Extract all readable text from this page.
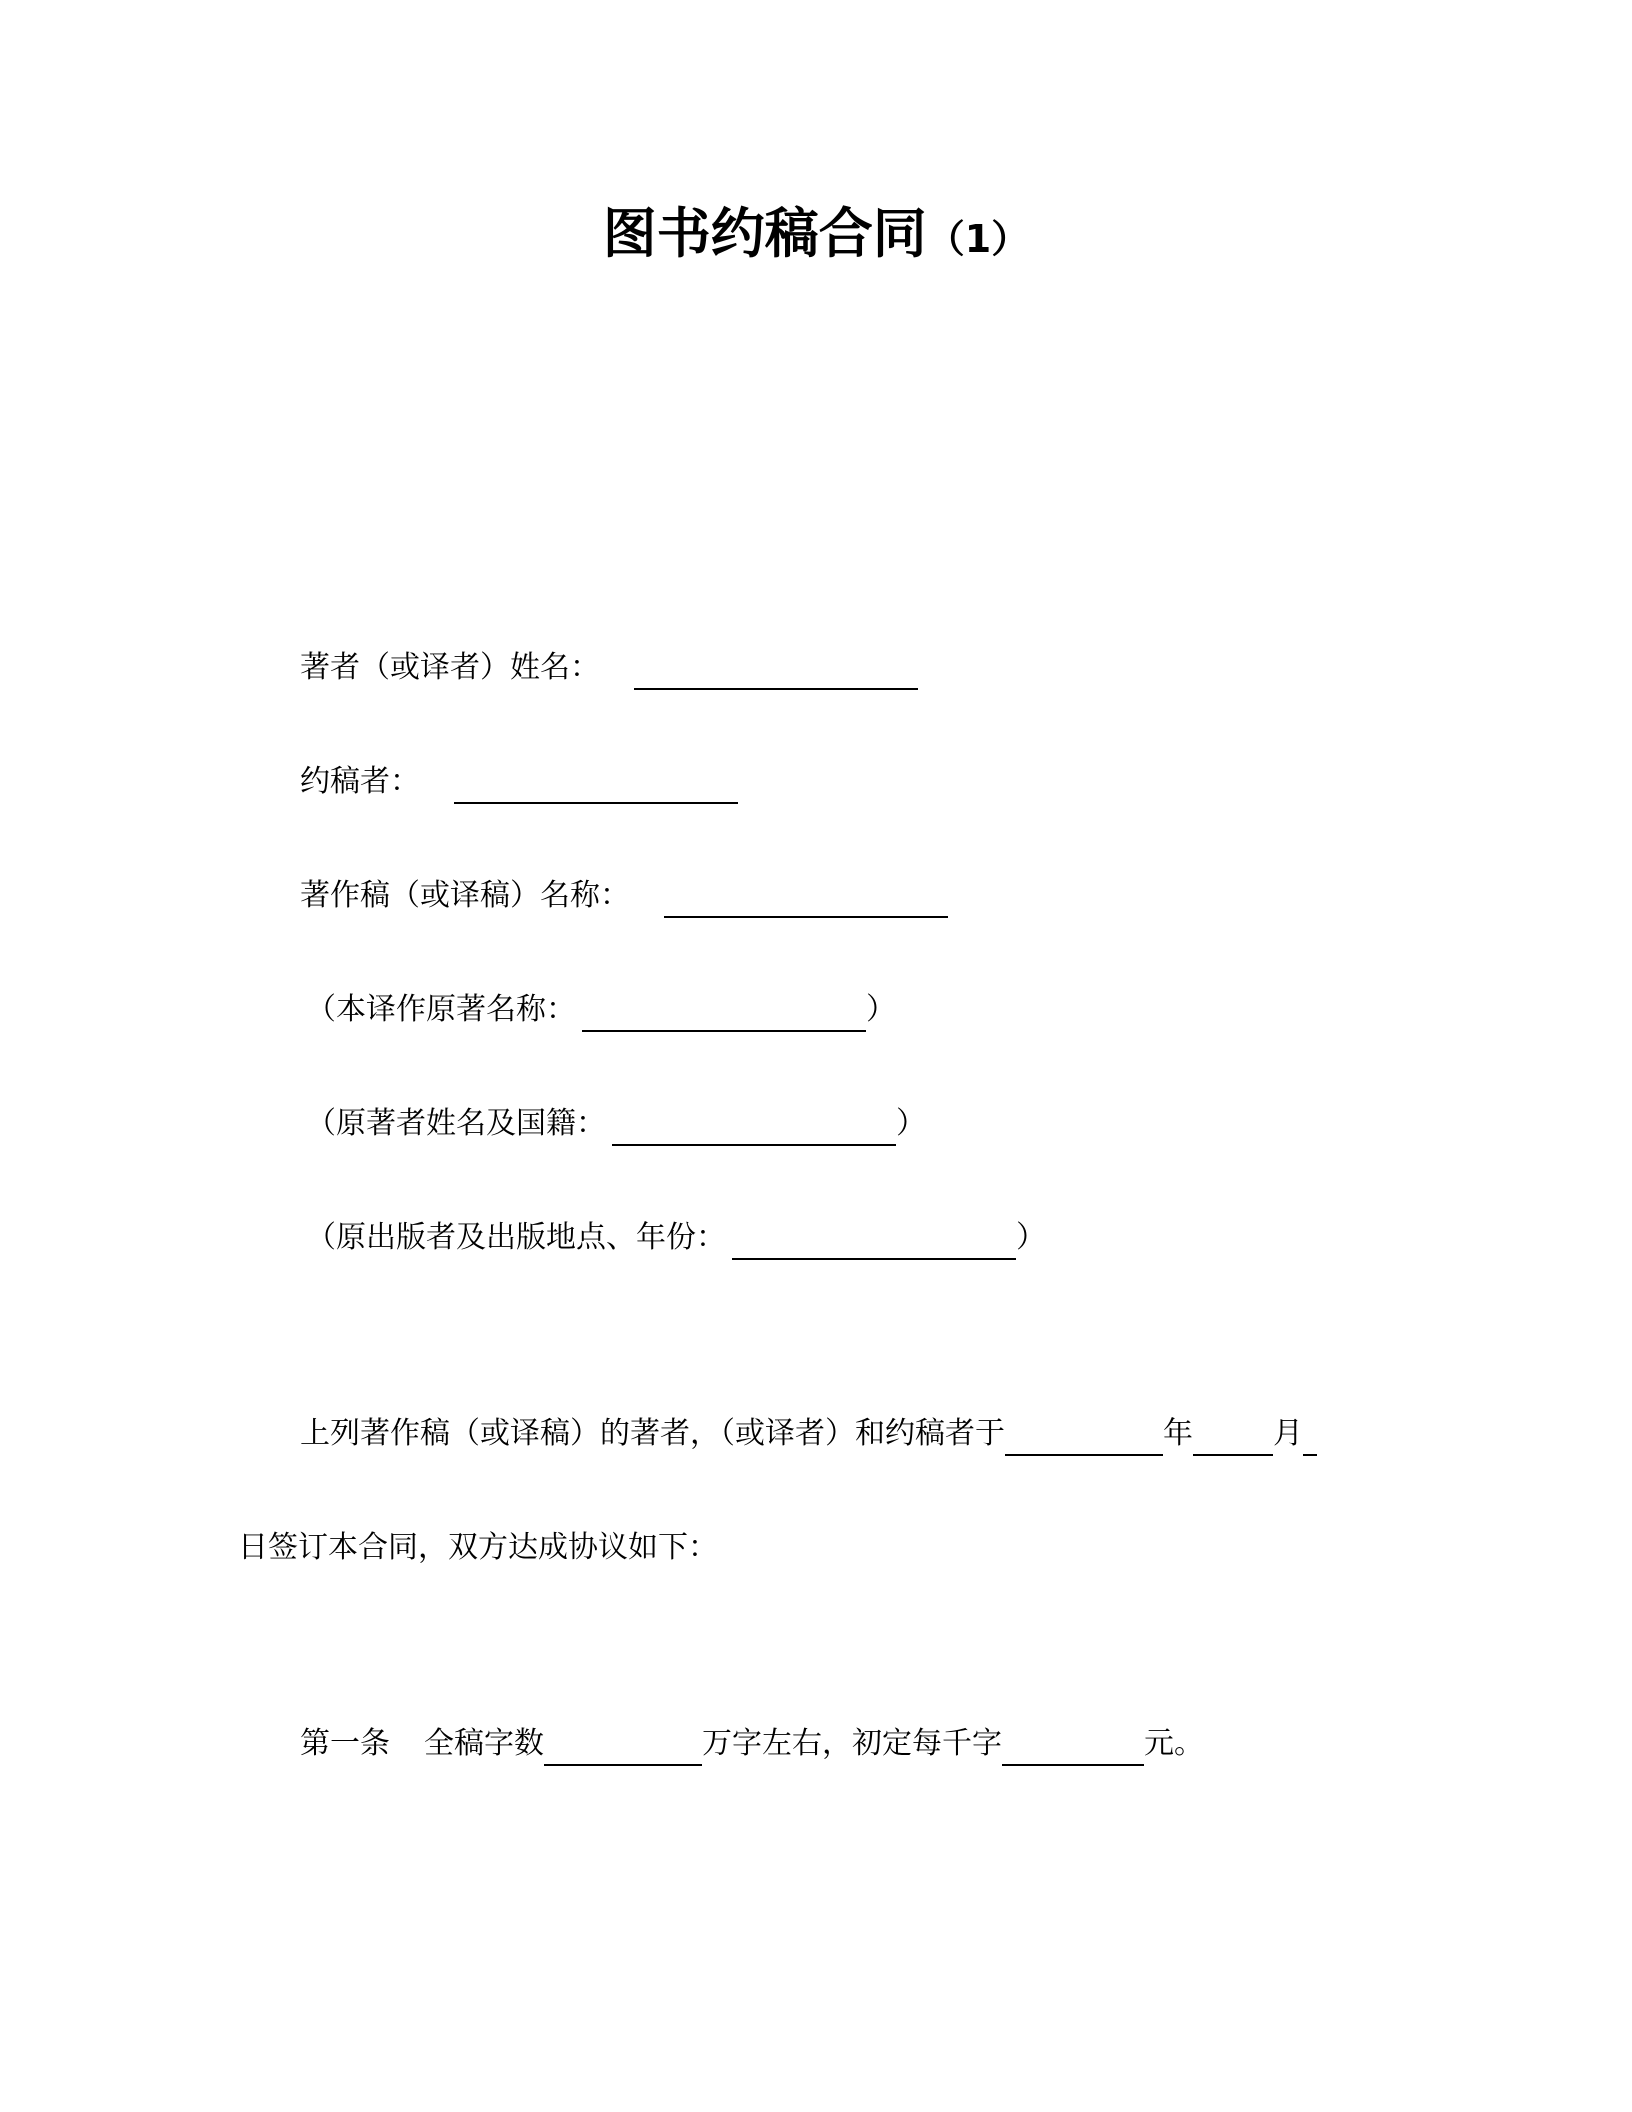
图书约稿合同（1）
著者（或译者）姓名：
约稿者：
著作稿（或译稿）名称：
（本译作原著名称：	）
（原著者姓名及国籍：	）
（原出版者及出版地点、年份：	）
上列著作稿（或译稿）的著者，（或译者）和约稿者于	年	月
日签订本合同，双方达成协议如下：
第一条 全稿字数	万字左右，初定每千字	元。
